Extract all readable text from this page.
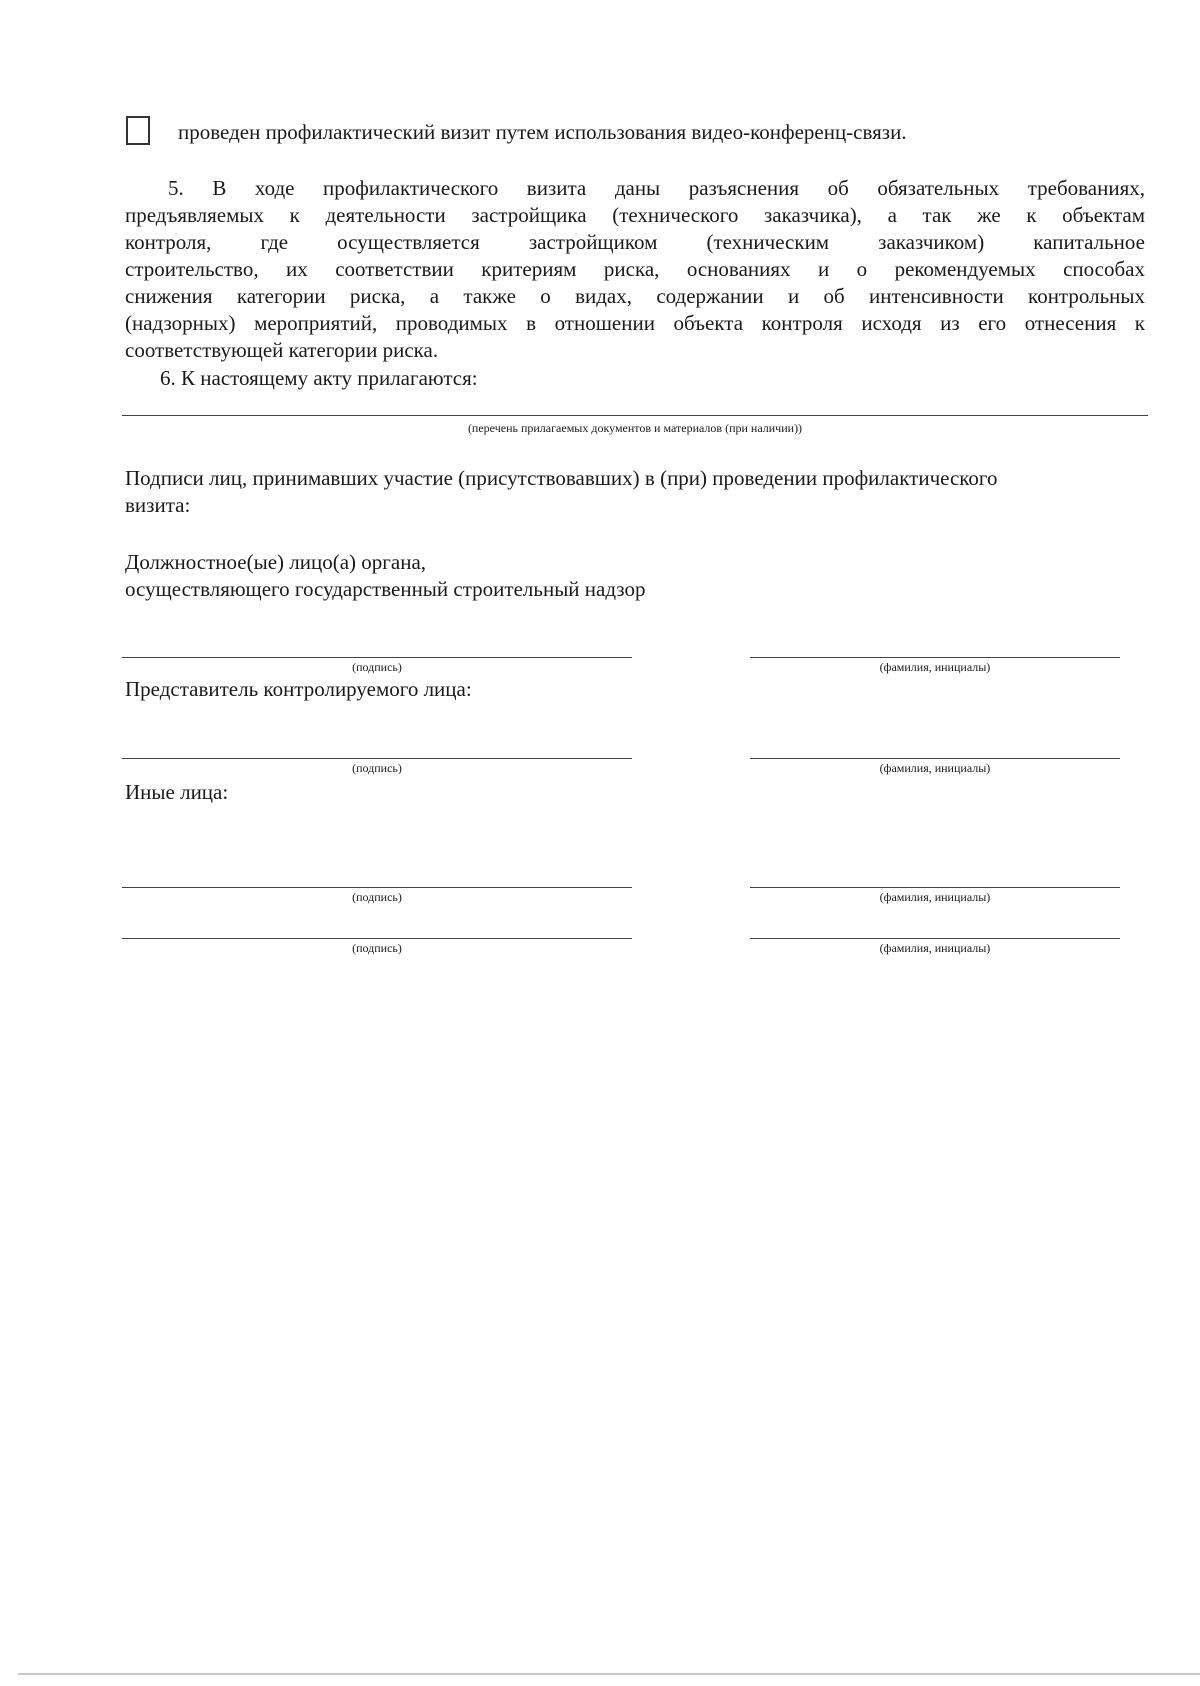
проведен профилактический визит путем использования видео-конференц-связи.
5. В ходе профилактического визита даны разъяснения об обязательных требованиях,
предъявляемых к деятельности застройщика (технического заказчика), а так же к объектам
контроля, где осуществляется застройщиком (техническим заказчиком) капитальное
строительство, их соответствии критериям риска, основаниях и о рекомендуемых способах
снижения категории риска, а также о видах, содержании и об интенсивности контрольных
(надзорных) мероприятий, проводимых в отношении объекта контроля исходя из его отнесения к
соответствующей категории риска.
6. К настоящему акту прилагаются:
(перечень прилагаемых документов и материалов (при наличии))
Подписи лиц, принимавших участие (присутствовавших) в (при) проведении профилактического
визита:
Должностное(ые) лицо(а) органа,
осуществляющего государственный строительный надзор
(подпись)	(фамилия, инициалы)
Представитель контролируемого лица:
(подпись)	(фамилия, инициалы)
Иные лица:
(подпись)	(фамилия, инициалы)
(подпись)	(фамилия, инициалы)
